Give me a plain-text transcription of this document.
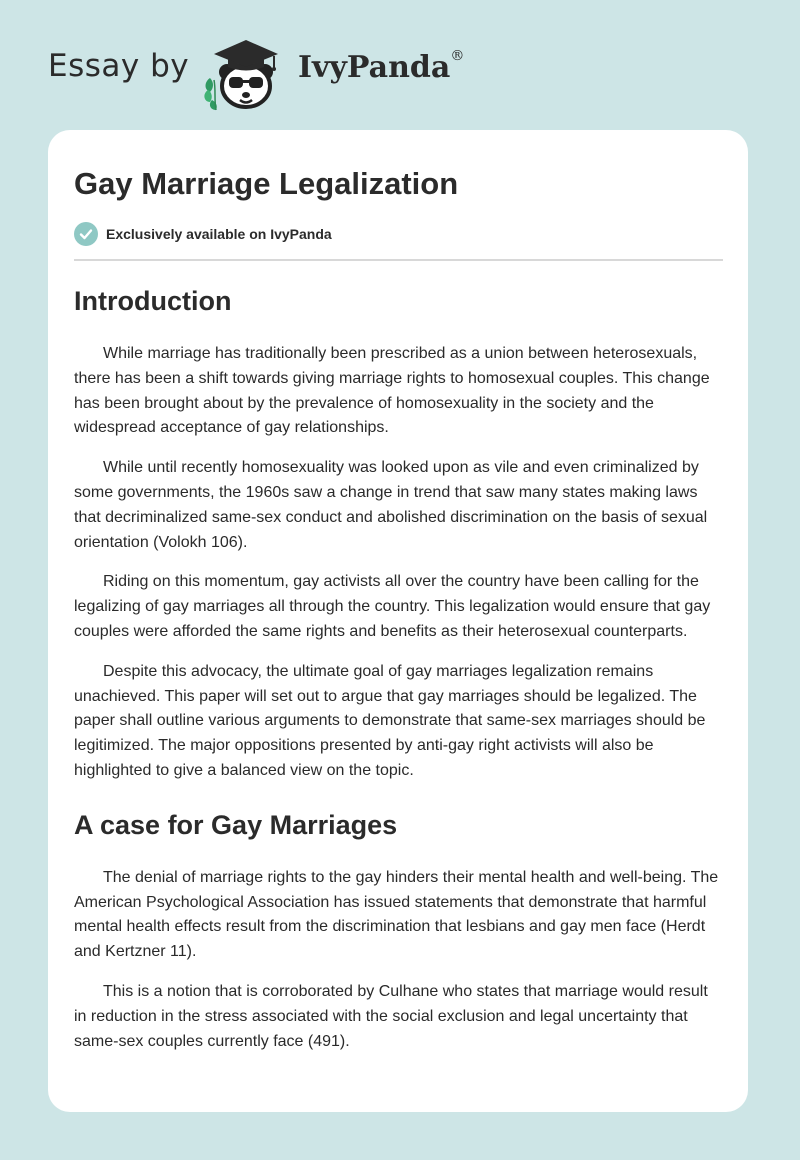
Essay by	IvyPanda®
Gay Marriage Legalization
Exclusively available on IvyPanda
Introduction

While marriage has traditionally been prescribed as a union between heterosexuals, there has been a shift towards giving marriage rights to homosexual couples. This change has been brought about by the prevalence of homosexuality in the society and the widespread acceptance of gay relationships.

While until recently homosexuality was looked upon as vile and even criminalized by some governments, the 1960s saw a change in trend that saw many states making laws that decriminalized same-sex conduct and abolished discrimination on the basis of sexual orientation (Volokh 106).

Riding on this momentum, gay activists all over the country have been calling for the legalizing of gay marriages all through the country. This legalization would ensure that gay couples were afforded the same rights and benefits as their heterosexual counterparts.

Despite this advocacy, the ultimate goal of gay marriages legalization remains unachieved. This paper will set out to argue that gay marriages should be legalized. The paper shall outline various arguments to demonstrate that same-sex marriages should be legitimized. The major oppositions presented by anti-gay right activists will also be highlighted to give a balanced view on the topic.

A case for Gay Marriages

The denial of marriage rights to the gay hinders their mental health and well-being. The American Psychological Association has issued statements that demonstrate that harmful mental health effects result from the discrimination that lesbians and gay men face (Herdt and Kertzner 11).

This is a notion that is corroborated by Culhane who states that marriage would result in reduction in the stress associated with the social exclusion and legal uncertainty that same-sex couples currently face (491).
